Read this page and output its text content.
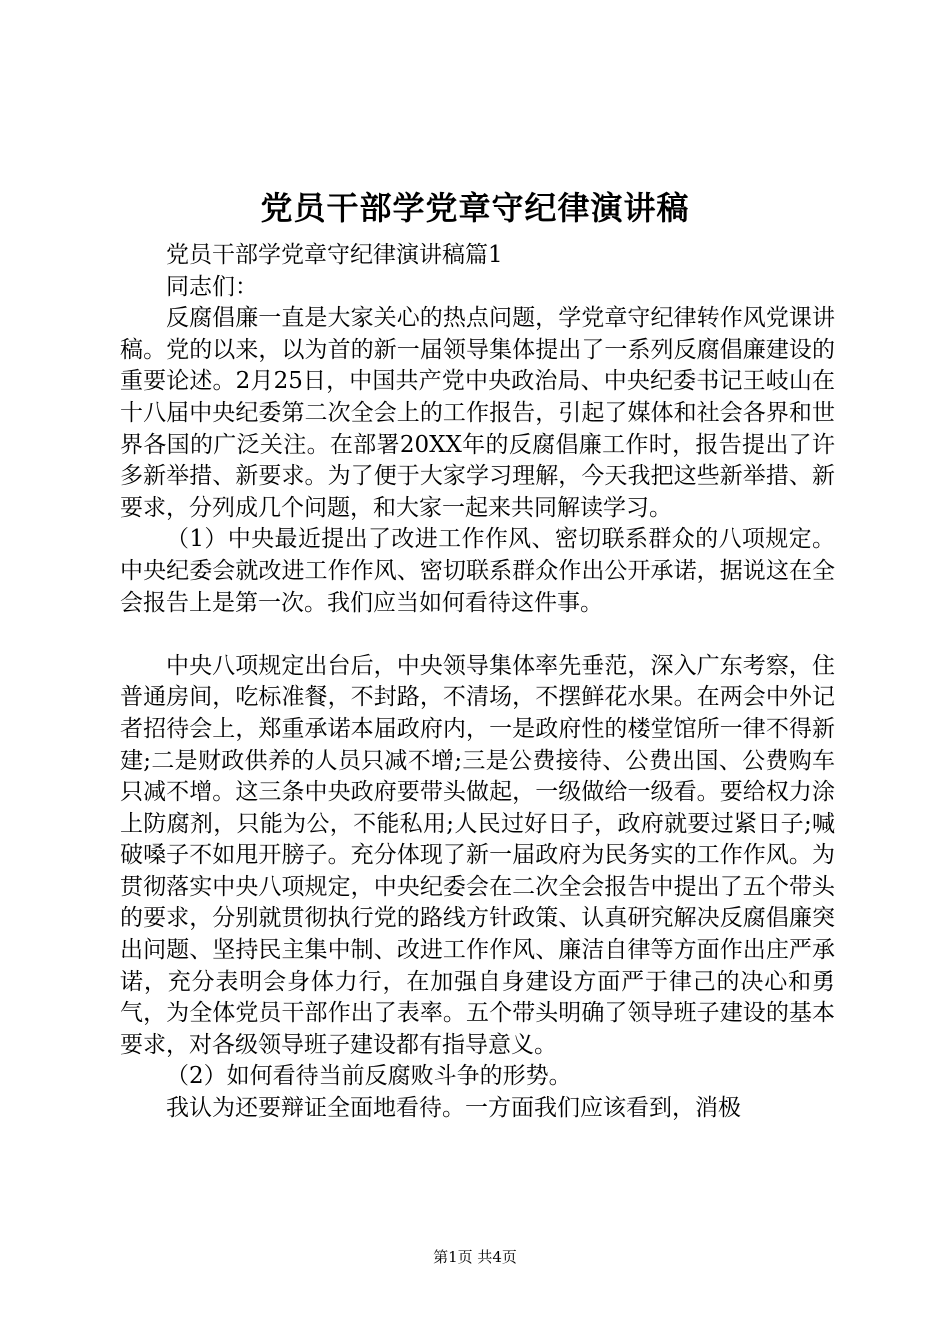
党员干部学党章守纪律演讲稿

党员干部学党章守纪律演讲稿篇1

同志们：

反腐倡廉一直是大家关心的热点问题，学党章守纪律转作风党课讲稿。党的以来，以为首的新一届领导集体提出了一系列反腐倡廉建设的重要论述。2月25日，中国共产党中央政治局、中央纪委书记王岐山在十八届中央纪委第二次全会上的工作报告，引起了媒体和社会各界和世界各国的广泛关注。在部署20XX年的反腐倡廉工作时，报告提出了许多新举措、新要求。为了便于大家学习理解，今天我把这些新举措、新要求，分列成几个问题，和大家一起来共同解读学习。

（1）中央最近提出了改进工作作风、密切联系群众的八项规定。中央纪委会就改进工作作风、密切联系群众作出公开承诺，据说这在全会报告上是第一次。我们应当如何看待这件事。

中央八项规定出台后，中央领导集体率先垂范，深入广东考察，住普通房间，吃标准餐，不封路，不清场，不摆鲜花水果。在两会中外记者招待会上，郑重承诺本届政府内，一是政府性的楼堂馆所一律不得新建;二是财政供养的人员只减不增;三是公费接待、公费出国、公费购车只减不增。这三条中央政府要带头做起，一级做给一级看。要给权力涂上防腐剂，只能为公，不能私用;人民过好日子，政府就要过紧日子;喊破嗓子不如甩开膀子。充分体现了新一届政府为民务实的工作作风。为贯彻落实中央八项规定，中央纪委会在二次全会报告中提出了五个带头的要求，分别就贯彻执行党的路线方针政策、认真研究解决反腐倡廉突出问题、坚持民主集中制、改进工作作风、廉洁自律等方面作出庄严承诺，充分表明会身体力行，在加强自身建设方面严于律己的决心和勇气，为全体党员干部作出了表率。五个带头明确了领导班子建设的基本要求，对各级领导班子建设都有指导意义。

（2）如何看待当前反腐败斗争的形势。

我认为还要辩证全面地看待。一方面我们应该看到，消极

第1页 共4页
